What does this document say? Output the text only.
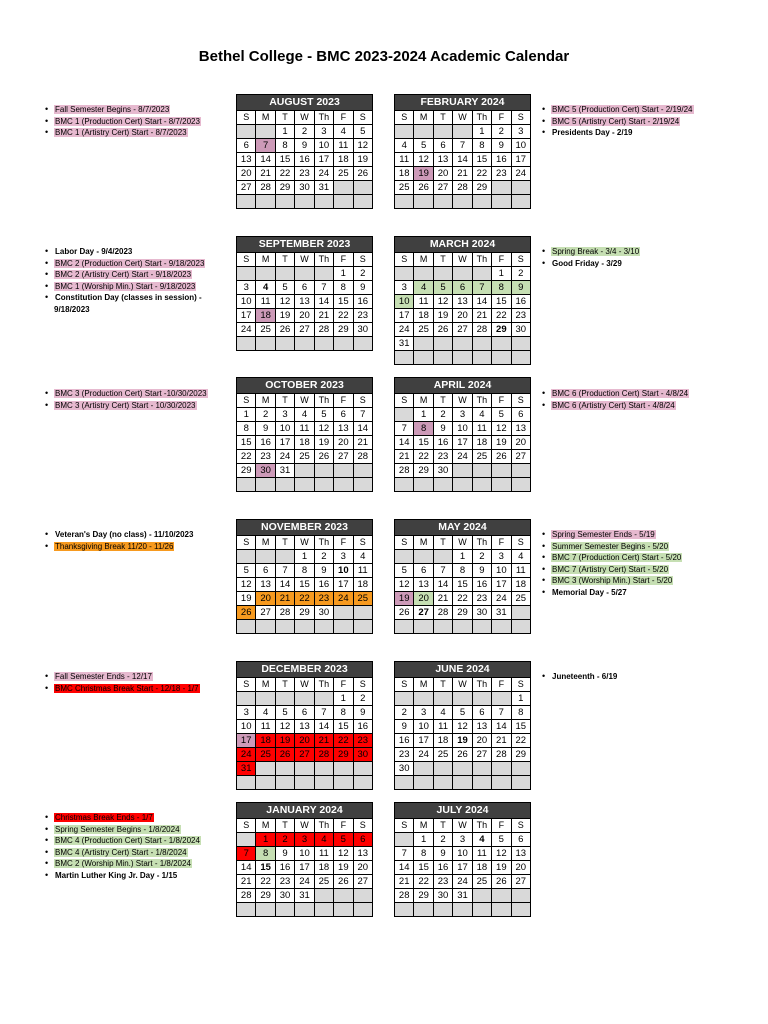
Bethel College - BMC 2023-2024 Academic Calendar
AUGUST 2023						
S	M	T	W	Th	F	S
		1	2	3	4	5
6	7	8	9	10	11	12
13	14	15	16	17	18	19
20	21	22	23	24	25	26
27	28	29	30	31		

FEBRUARY 2024						
S	M	T	W	Th	F	S
				1	2	3
4	5	6	7	8	9	10
11	12	13	14	15	16	17
18	19	20	21	22	23	24
25	26	27	28	29		

SEPTEMBER 2023						
S	M	T	W	Th	F	S
					1	2
3	4	5	6	7	8	9
10	11	12	13	14	15	16
17	18	19	20	21	22	23
24	25	26	27	28	29	30

MARCH 2024						
S	M	T	W	Th	F	S
					1	2
3	4	5	6	7	8	9
10	11	12	13	14	15	16
17	18	19	20	21	22	23
24	25	26	27	28	29	30
31						

OCTOBER 2023						
S	M	T	W	Th	F	S
1	2	3	4	5	6	7
8	9	10	11	12	13	14
15	16	17	18	19	20	21
22	23	24	25	26	27	28
29	30	31				

APRIL 2024						
S	M	T	W	Th	F	S
	1	2	3	4	5	6
7	8	9	10	11	12	13
14	15	16	17	18	19	20
21	22	23	24	25	26	27
28	29	30				

NOVEMBER 2023						
S	M	T	W	Th	F	S
			1	2	3	4
5	6	7	8	9	10	11
12	13	14	15	16	17	18
19	20	21	22	23	24	25
26	27	28	29	30		

MAY 2024						
S	M	T	W	Th	F	S
			1	2	3	4
5	6	7	8	9	10	11
12	13	14	15	16	17	18
19	20	21	22	23	24	25
26	27	28	29	30	31	

DECEMBER 2023						
S	M	T	W	Th	F	S
					1	2
3	4	5	6	7	8	9
10	11	12	13	14	15	16
17	18	19	20	21	22	23
24	25	26	27	28	29	30
31						

JUNE 2024						
S	M	T	W	Th	F	S
						1
2	3	4	5	6	7	8
9	10	11	12	13	14	15
16	17	18	19	20	21	22
23	24	25	26	27	28	29
30						

JANUARY 2024						
S	M	T	W	Th	F	S
	1	2	3	4	5	6
7	8	9	10	11	12	13
14	15	16	17	18	19	20
21	22	23	24	25	26	27
28	29	30	31			

JULY 2024						
S	M	T	W	Th	F	S
	1	2	3	4	5	6
7	8	9	10	11	12	13
14	15	16	17	18	19	20
21	22	23	24	25	26	27
28	29	30	31			

• Fall Semester Begins - 8/7/2023
• BMC 1 (Production Cert) Start - 8/7/2023
• BMC 1 (Artistry Cert) Start - 8/7/2023
• BMC 5 (Production Cert) Start - 2/19/24
• BMC 5 (Artistry Cert) Start - 2/19/24
• Presidents Day - 2/19
• Labor Day - 9/4/2023
• BMC 2 (Production Cert) Start - 9/18/2023
• BMC 2 (Artistry Cert) Start - 9/18/2023
• BMC 1 (Worship Min.) Start - 9/18/2023
• Constitution Day (classes in session) - 9/18/2023
• Spring Break - 3/4 - 3/10
• Good Friday - 3/29
• BMC 3 (Production Cert) Start -10/30/2023
• BMC 3 (Artistry Cert) Start - 10/30/2023
• BMC 6 (Production Cert) Start - 4/8/24
• BMC 6 (Artistry Cert) Start - 4/8/24
• Veteran's Day (no class) - 11/10/2023
• Thanksgiving Break 11/20 - 11/26
• Spring Semester Ends - 5/19
• Summer Semester Begins - 5/20
• BMC 7 (Production Cert) Start - 5/20
• BMC 7 (Artistry Cert) Start - 5/20
• BMC 3 (Worship Min.) Start - 5/20
• Memorial Day - 5/27
• Fall Semester Ends - 12/17
• BMC Christmas Break Start - 12/18 - 1/7
• Juneteenth - 6/19
• Christmas Break Ends - 1/7
• Spring Semester Begins - 1/8/2024
• BMC 4 (Production Cert) Start - 1/8/2024
• BMC 4 (Artistry Cert) Start - 1/8/2024
• BMC 2 (Worship Min.) Start - 1/8/2024
• Martin Luther King Jr. Day - 1/15
